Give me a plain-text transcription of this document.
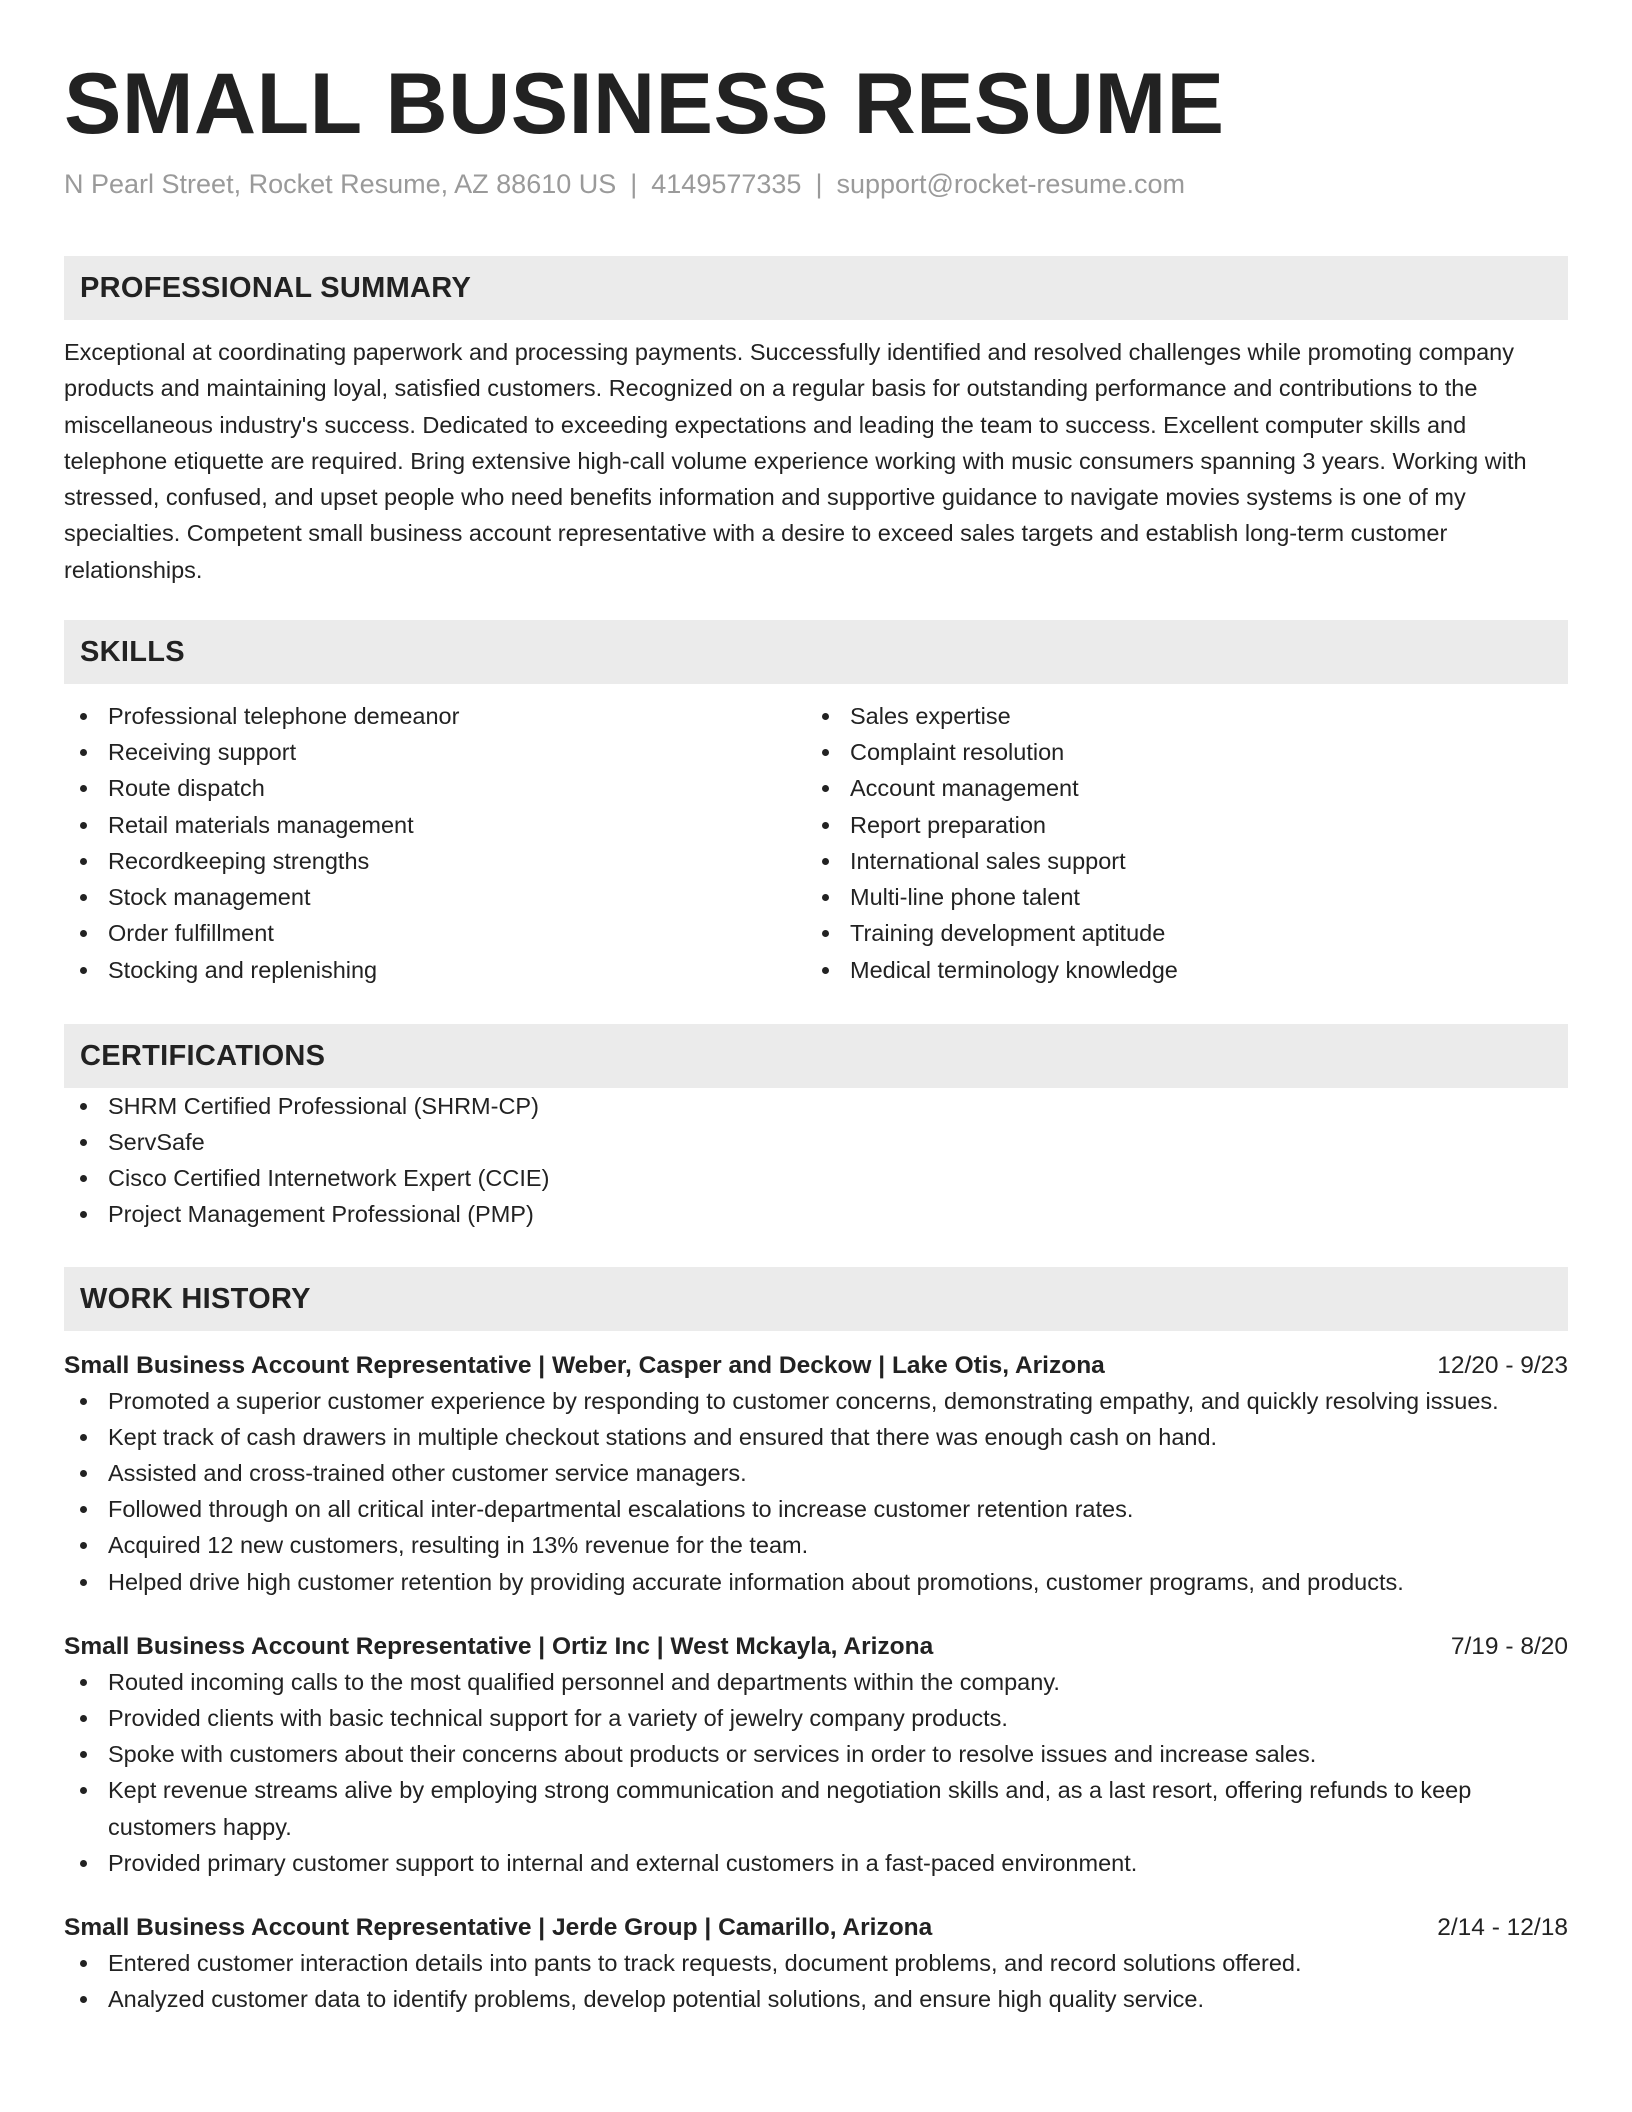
SMALL BUSINESS RESUME
N Pearl Street, Rocket Resume, AZ 88610 US | 4149577335 | support@rocket-resume.com
PROFESSIONAL SUMMARY

Exceptional at coordinating paperwork and processing payments. Successfully identified and resolved challenges while promoting company products and maintaining loyal, satisfied customers. Recognized on a regular basis for outstanding performance and contributions to the miscellaneous industry's success. Dedicated to exceeding expectations and leading the team to success. Excellent computer skills and telephone etiquette are required. Bring extensive high-call volume experience working with music consumers spanning 3 years. Working with stressed, confused, and upset people who need benefits information and supportive guidance to navigate movies systems is one of my specialties. Competent small business account representative with a desire to exceed sales targets and establish long-term customer relationships.

SKILLS
Professional telephone demeanor
Receiving support
Route dispatch
Retail materials management
Recordkeeping strengths
Stock management
Order fulfillment
Stocking and replenishing
Sales expertise
Complaint resolution
Account management
Report preparation
International sales support
Multi-line phone talent
Training development aptitude
Medical terminology knowledge
CERTIFICATIONS
SHRM Certified Professional (SHRM-CP)
ServSafe
Cisco Certified Internetwork Expert (CCIE)
Project Management Professional (PMP)
WORK HISTORY
Small Business Account Representative | Weber, Casper and Deckow | Lake Otis, Arizona	12/20 - 9/23
Promoted a superior customer experience by responding to customer concerns, demonstrating empathy, and quickly resolving issues.
Kept track of cash drawers in multiple checkout stations and ensured that there was enough cash on hand.
Assisted and cross-trained other customer service managers.
Followed through on all critical inter-departmental escalations to increase customer retention rates.
Acquired 12 new customers, resulting in 13% revenue for the team.
Helped drive high customer retention by providing accurate information about promotions, customer programs, and products.
Small Business Account Representative | Ortiz Inc | West Mckayla, Arizona	7/19 - 8/20
Routed incoming calls to the most qualified personnel and departments within the company.
Provided clients with basic technical support for a variety of jewelry company products.
Spoke with customers about their concerns about products or services in order to resolve issues and increase sales.
Kept revenue streams alive by employing strong communication and negotiation skills and, as a last resort, offering refunds to keep customers happy.
Provided primary customer support to internal and external customers in a fast-paced environment.
Small Business Account Representative | Jerde Group | Camarillo, Arizona	2/14 - 12/18
Entered customer interaction details into pants to track requests, document problems, and record solutions offered.
Analyzed customer data to identify problems, develop potential solutions, and ensure high quality service.
